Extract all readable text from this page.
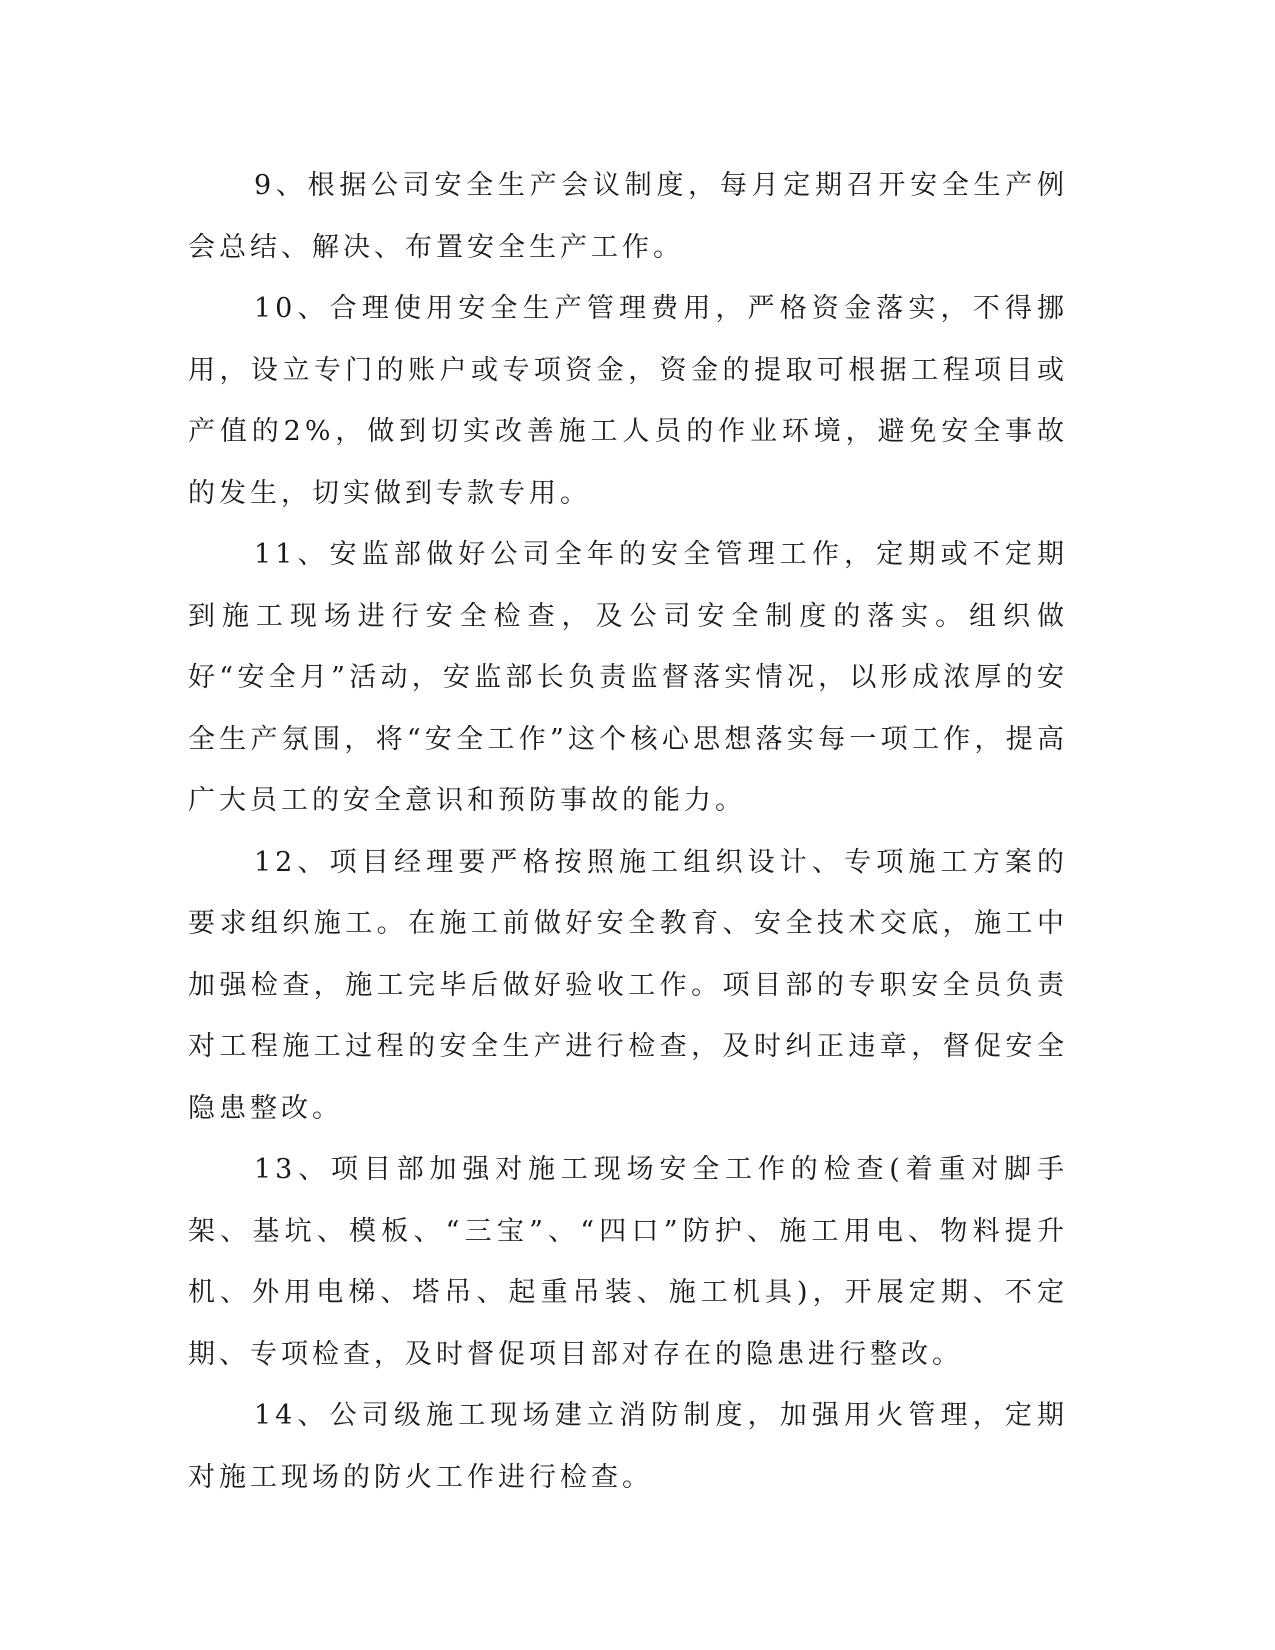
9、根据公司安全生产会议制度，每月定期召开安全生产例会总结、解决、布置安全生产工作。

10、合理使用安全生产管理费用，严格资金落实，不得挪用，设立专门的账户或专项资金，资金的提取可根据工程项目或产值的2%，做到切实改善施工人员的作业环境，避免安全事故的发生，切实做到专款专用。

11、安监部做好公司全年的安全管理工作，定期或不定期到施工现场进行安全检查，及公司安全制度的落实。组织做好“安全月”活动，安监部长负责监督落实情况，以形成浓厚的安全生产氛围，将“安全工作”这个核心思想落实每一项工作，提高广大员工的安全意识和预防事故的能力。

12、项目经理要严格按照施工组织设计、专项施工方案的要求组织施工。在施工前做好安全教育、安全技术交底，施工中加强检查，施工完毕后做好验收工作。项目部的专职安全员负责对工程施工过程的安全生产进行检查，及时纠正违章，督促安全隐患整改。

13、项目部加强对施工现场安全工作的检查(着重对脚手架、基坑、模板、“三宝”、“四口”防护、施工用电、物料提升机、外用电梯、塔吊、起重吊装、施工机具)，开展定期、不定期、专项检查，及时督促项目部对存在的隐患进行整改。

14、公司级施工现场建立消防制度，加强用火管理，定期对施工现场的防火工作进行检查。
